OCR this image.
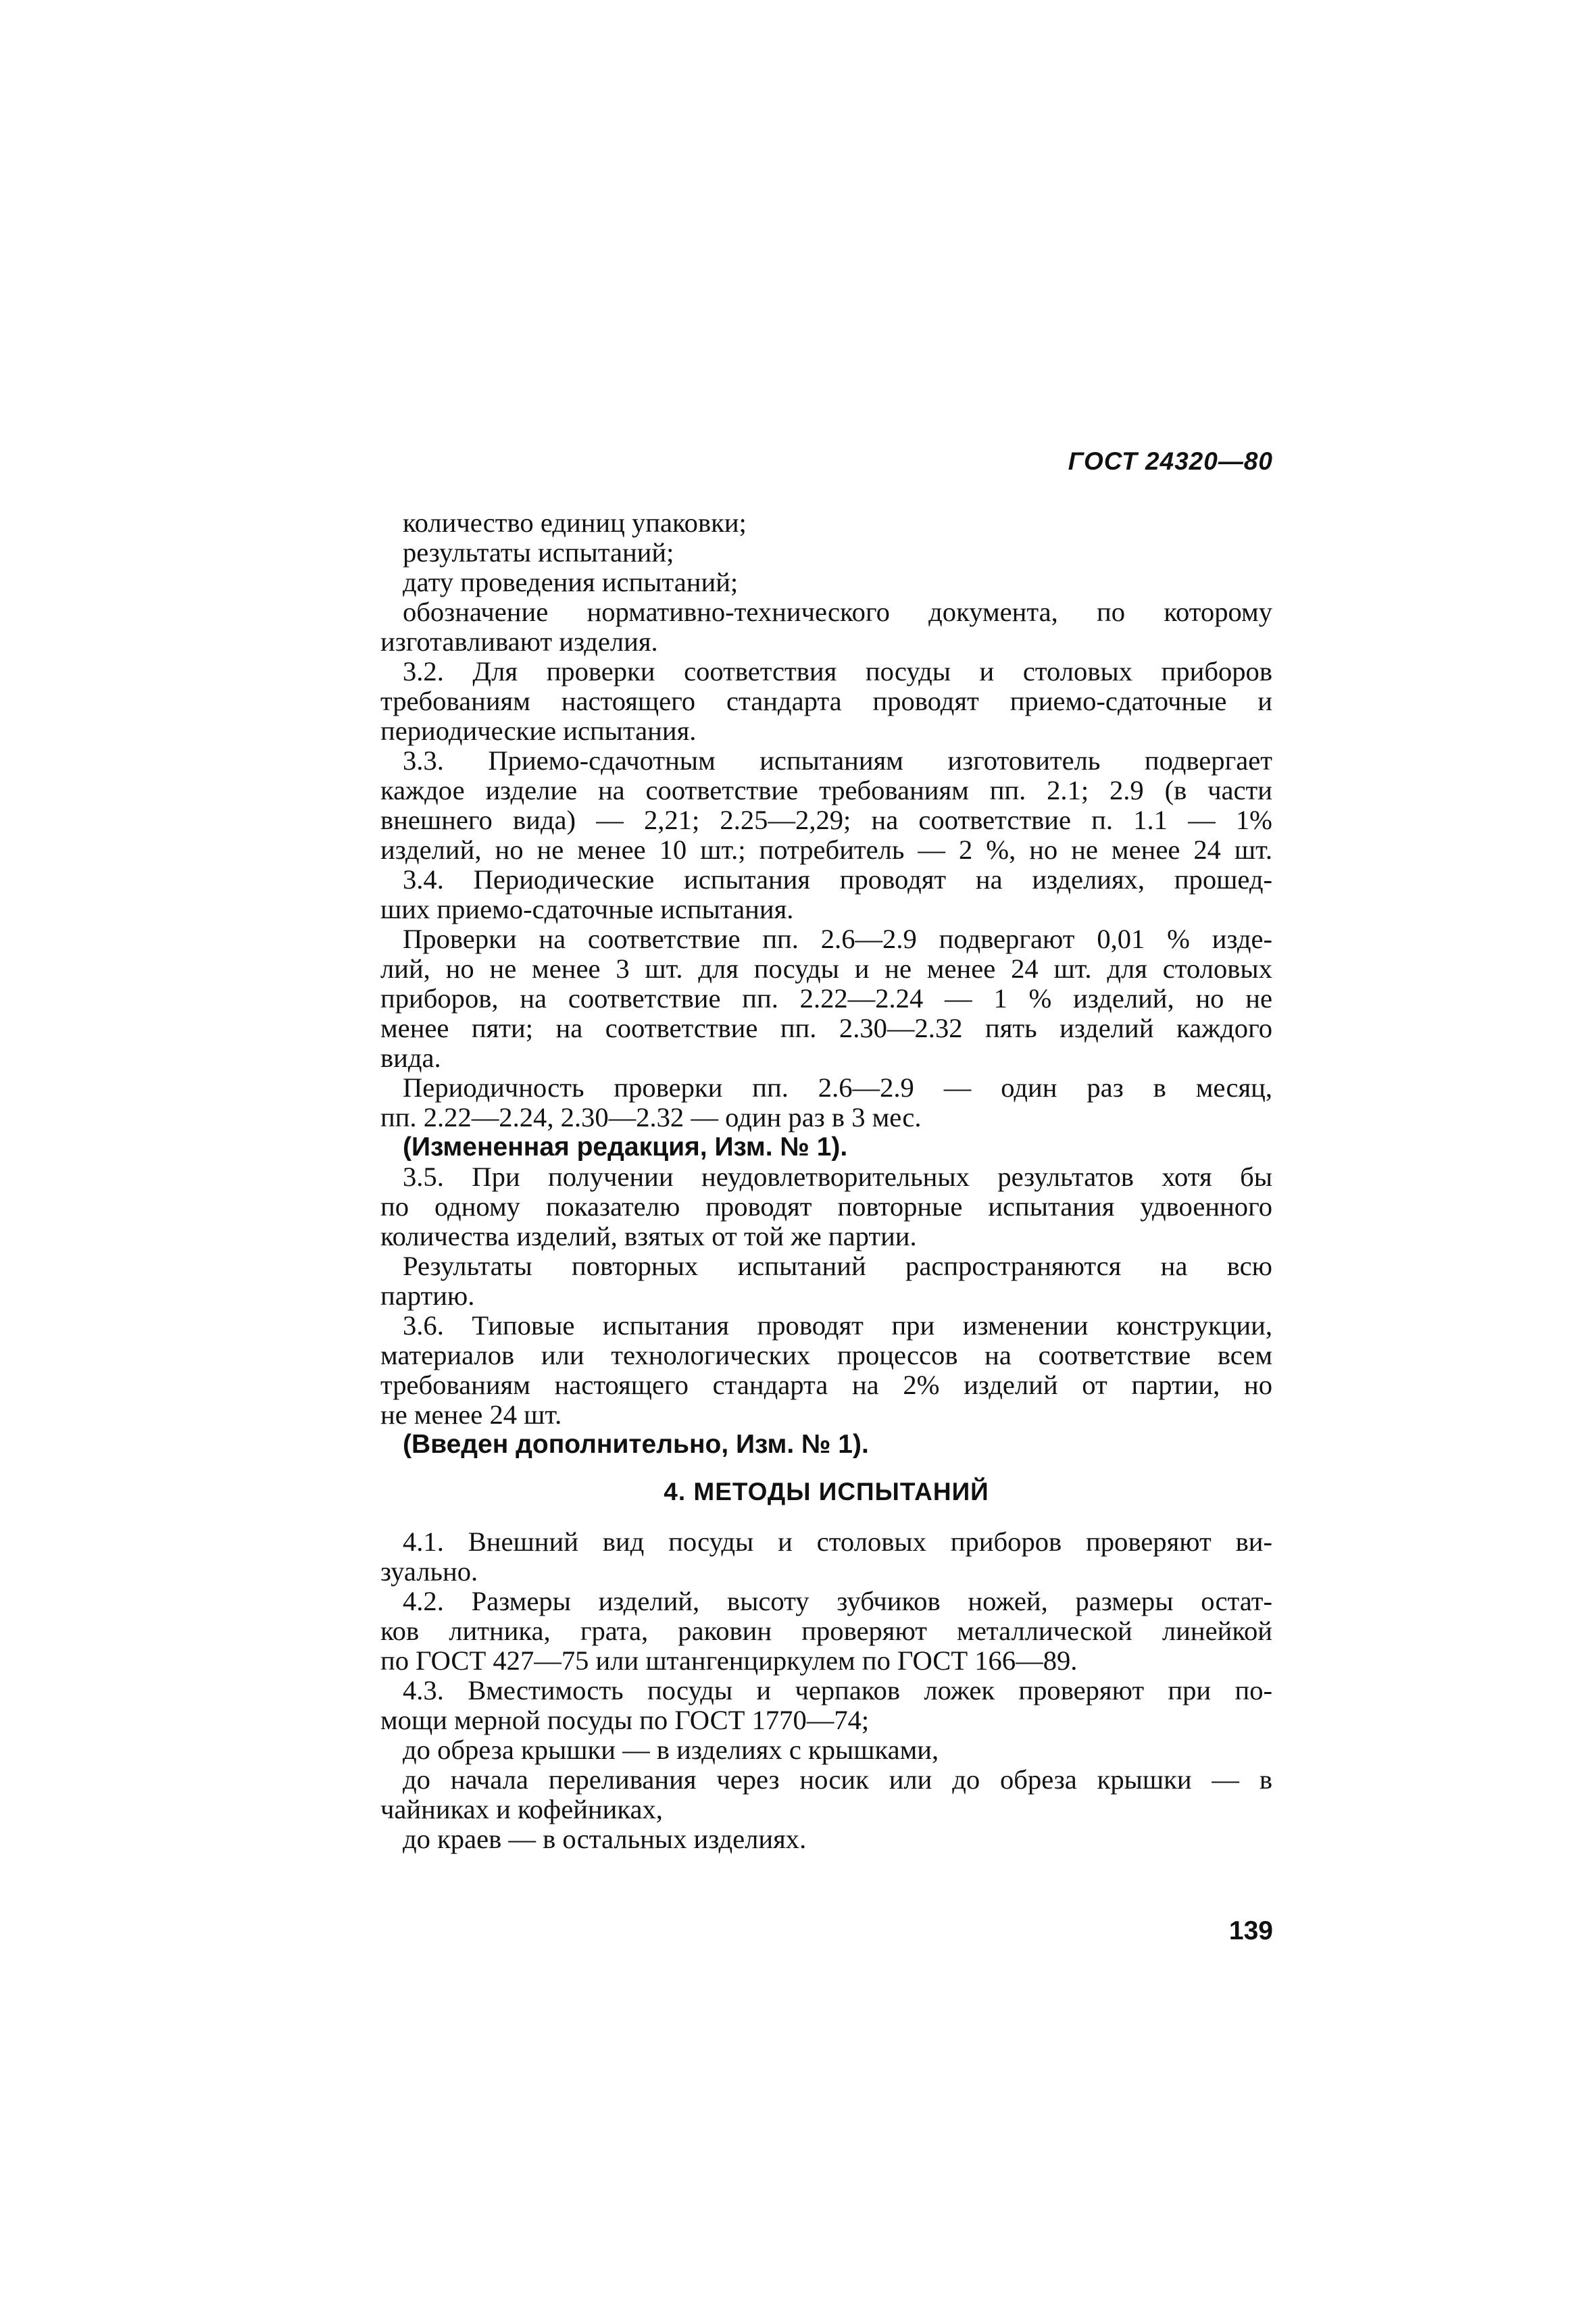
ГОСТ 24320—80
количество единиц упаковки;
результаты испытаний;
дату проведения испытаний;
обозначение нормативно-технического документа, по которому
изготавливают изделия.
3.2. Для проверки соответствия посуды и столовых приборов
требованиям настоящего стандарта проводят приемо-сдаточные и
периодические испытания.
3.3. Приемо-сдачотным испытаниям изготовитель подвергает
каждое изделие на соответствие требованиям пп. 2.1; 2.9 (в части
внешнего вида) — 2,21; 2.25—2,29; на соответствие п. 1.1 — 1%
изделий, но не менее 10 шт.; потребитель — 2 %, но не менее 24 шт.
3.4. Периодические испытания проводят на изделиях, прошед-
ших приемо-сдаточные испытания.
Проверки на соответствие пп. 2.6—2.9 подвергают 0,01 % изде-
лий, но не менее 3 шт. для посуды и не менее 24 шт. для столовых
приборов, на соответствие пп. 2.22—2.24 — 1 % изделий, но не
менее пяти; на соответствие пп. 2.30—2.32 пять изделий каждого
вида.
Периодичность проверки пп. 2.6—2.9 — один раз в месяц,
пп. 2.22—2.24, 2.30—2.32 — один раз в 3 мес.
(Измененная редакция, Изм. № 1).
3.5. При получении неудовлетворительных результатов хотя бы
по одному показателю проводят повторные испытания удвоенного
количества изделий, взятых от той же партии.
Результаты повторных испытаний распространяются на всю
партию.
3.6. Типовые испытания проводят при изменении конструкции,
материалов или технологических процессов на соответствие всем
требованиям настоящего стандарта на 2% изделий от партии, но
не менее 24 шт.
(Введен дополнительно, Изм. № 1).
4. МЕТОДЫ ИСПЫТАНИЙ
4.1. Внешний вид посуды и столовых приборов проверяют ви-
зуально.
4.2. Размеры изделий, высоту зубчиков ножей, размеры остат-
ков литника, грата, раковин проверяют металлической линейкой
по ГОСТ 427—75 или штангенциркулем по ГОСТ 166—89.
4.3. Вместимость посуды и черпаков ложек проверяют при по-
мощи мерной посуды по ГОСТ 1770—74;
до обреза крышки — в изделиях с крышками,
до начала переливания через носик или до обреза крышки — в
чайниках и кофейниках,
до краев — в остальных изделиях.
139
